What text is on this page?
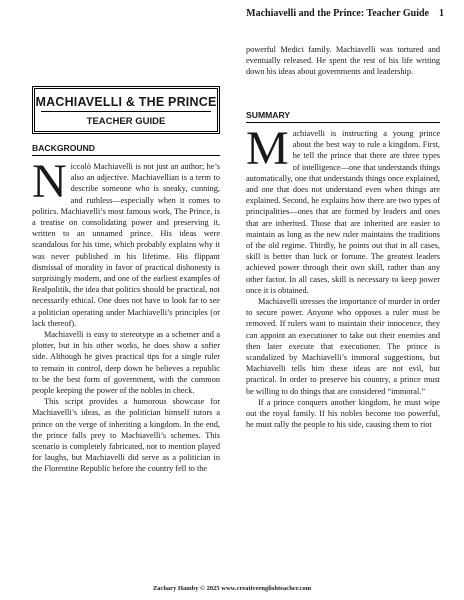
Machiavelli and the Prince: Teacher Guide 1
MACHIAVELLI & THE PRINCE
TEACHER GUIDE
BACKGROUND

Niccolò Machiavelli is not just an author; he’s also an adjective. Machiavellian is a term to describe someone who is sneaky, cunning, and ruthless—especially when it comes to politics. Machiavelli’s most famous work, The Prince, is a treatise on consolidating power and preserving it, written to an unnamed prince. His ideas were scandalous for his time, which probably explains why it was never published in his lifetime. His flippant dismissal of morality in favor of practical dishonesty is surprisingly modern, and one of the earliest examples of Realpolitik, the idea that politics should be practical, not necessarily ethical. One does not have to look far to see a politician operating under Machiavelli’s principles (or lack thereof).

Machiavelli is easy to stereotype as a schemer and a plotter, but in his other works, he does show a softer side. Although he gives practical tips for a single ruler to remain in control, deep down he believes a republic to be the best form of government, with the common people keeping the power of the nobles in check.

This script provides a humorous showcase for Machiavelli’s ideas, as the politician himself tutors a prince on the verge of inheriting a kingdom. In the end, the prince falls prey to Machiavelli’s schemes. This scenario is completely fabricated, not to mention played for laughs, but Machiavelli did serve as a politician in the Florentine Republic before the country fell to the

powerful Medici family. Machiavelli was tortured and eventually released. He spent the rest of his life writing down his ideas about governments and leadership.

SUMMARY

Machiavelli is instructing a young prince about the best way to rule a kingdom. First, he tell the prince that there are three types of intelligence—one that understands things automatically, one that understands things once explained, and one that does not understand even when things are explained. Second, he explains how there are two types of principalities—ones that are formed by leaders and ones that are inherited. Those that are inherited are easier to maintain as long as the new ruler maintains the traditions of the old regime. Thirdly, he points out that in all cases, skill is better than luck or fortune. The greatest leaders achieved power through their own skill, rather than any other factor. In all cases, skill is necessary to keep power once it is obtained.

Machiavelli stresses the importance of murder in order to secure power. Anyone who opposes a ruler must be removed. If rulers want to maintain their innocence, they can appoint an executioner to take out their enemies and then later execute that executioner. The prince is scandalized by Machiavelli’s immoral suggestions, but Machiavelli tells him these ideas are not evil, but practical. In order to preserve his country, a prince must be willing to do things that are considered “immoral.”

If a prince conquers another kingdom, he must wipe out the royal family. If his nobles become too powerful, he must rally the people to his side, causing them to riot

Zachary Hamby © 2025 www.creativeenglishteacher.com
